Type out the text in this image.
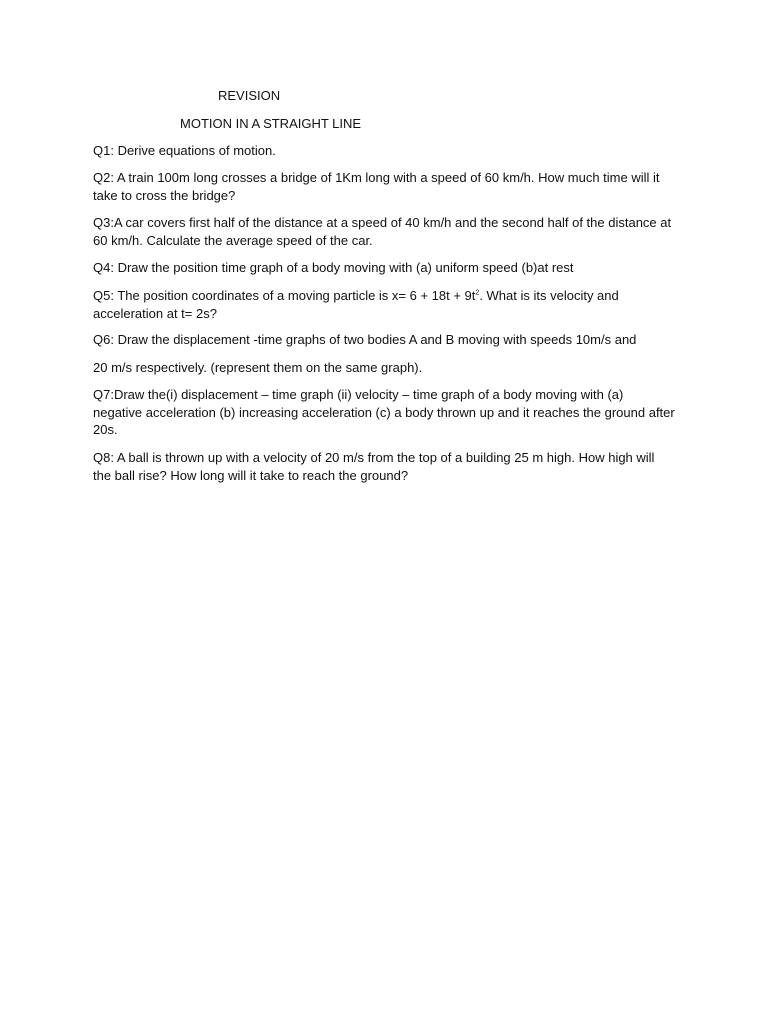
REVISION
MOTION IN A STRAIGHT LINE
Q1: Derive equations of motion.
Q2: A train 100m long crosses a bridge of 1Km long with a speed of 60 km/h. How much time will it
take to cross the bridge?
Q3:A car covers first half of the distance at a speed of 40 km/h and the second half of the distance at
60 km/h. Calculate the average speed of the car.
Q4: Draw the position time graph of a body moving with (a) uniform speed (b)at rest
Q5: The position coordinates of a moving particle is $x= 6 + 18t + 9t^2$. What is its velocity and
acceleration at t= 2s?
Q6: Draw the displacement -time graphs of two bodies A and B moving with speeds 10m/s and
20 m/s respectively. (represent them on the same graph).
Q7:Draw the(i) displacement – time graph (ii) velocity – time graph of a body moving with (a)
negative acceleration (b) increasing acceleration (c) a body thrown up and it reaches the ground after
20s.
Q8: A ball is thrown up with a velocity of 20 m/s from the top of a building 25 m high. How high will
the ball rise? How long will it take to reach the ground?
